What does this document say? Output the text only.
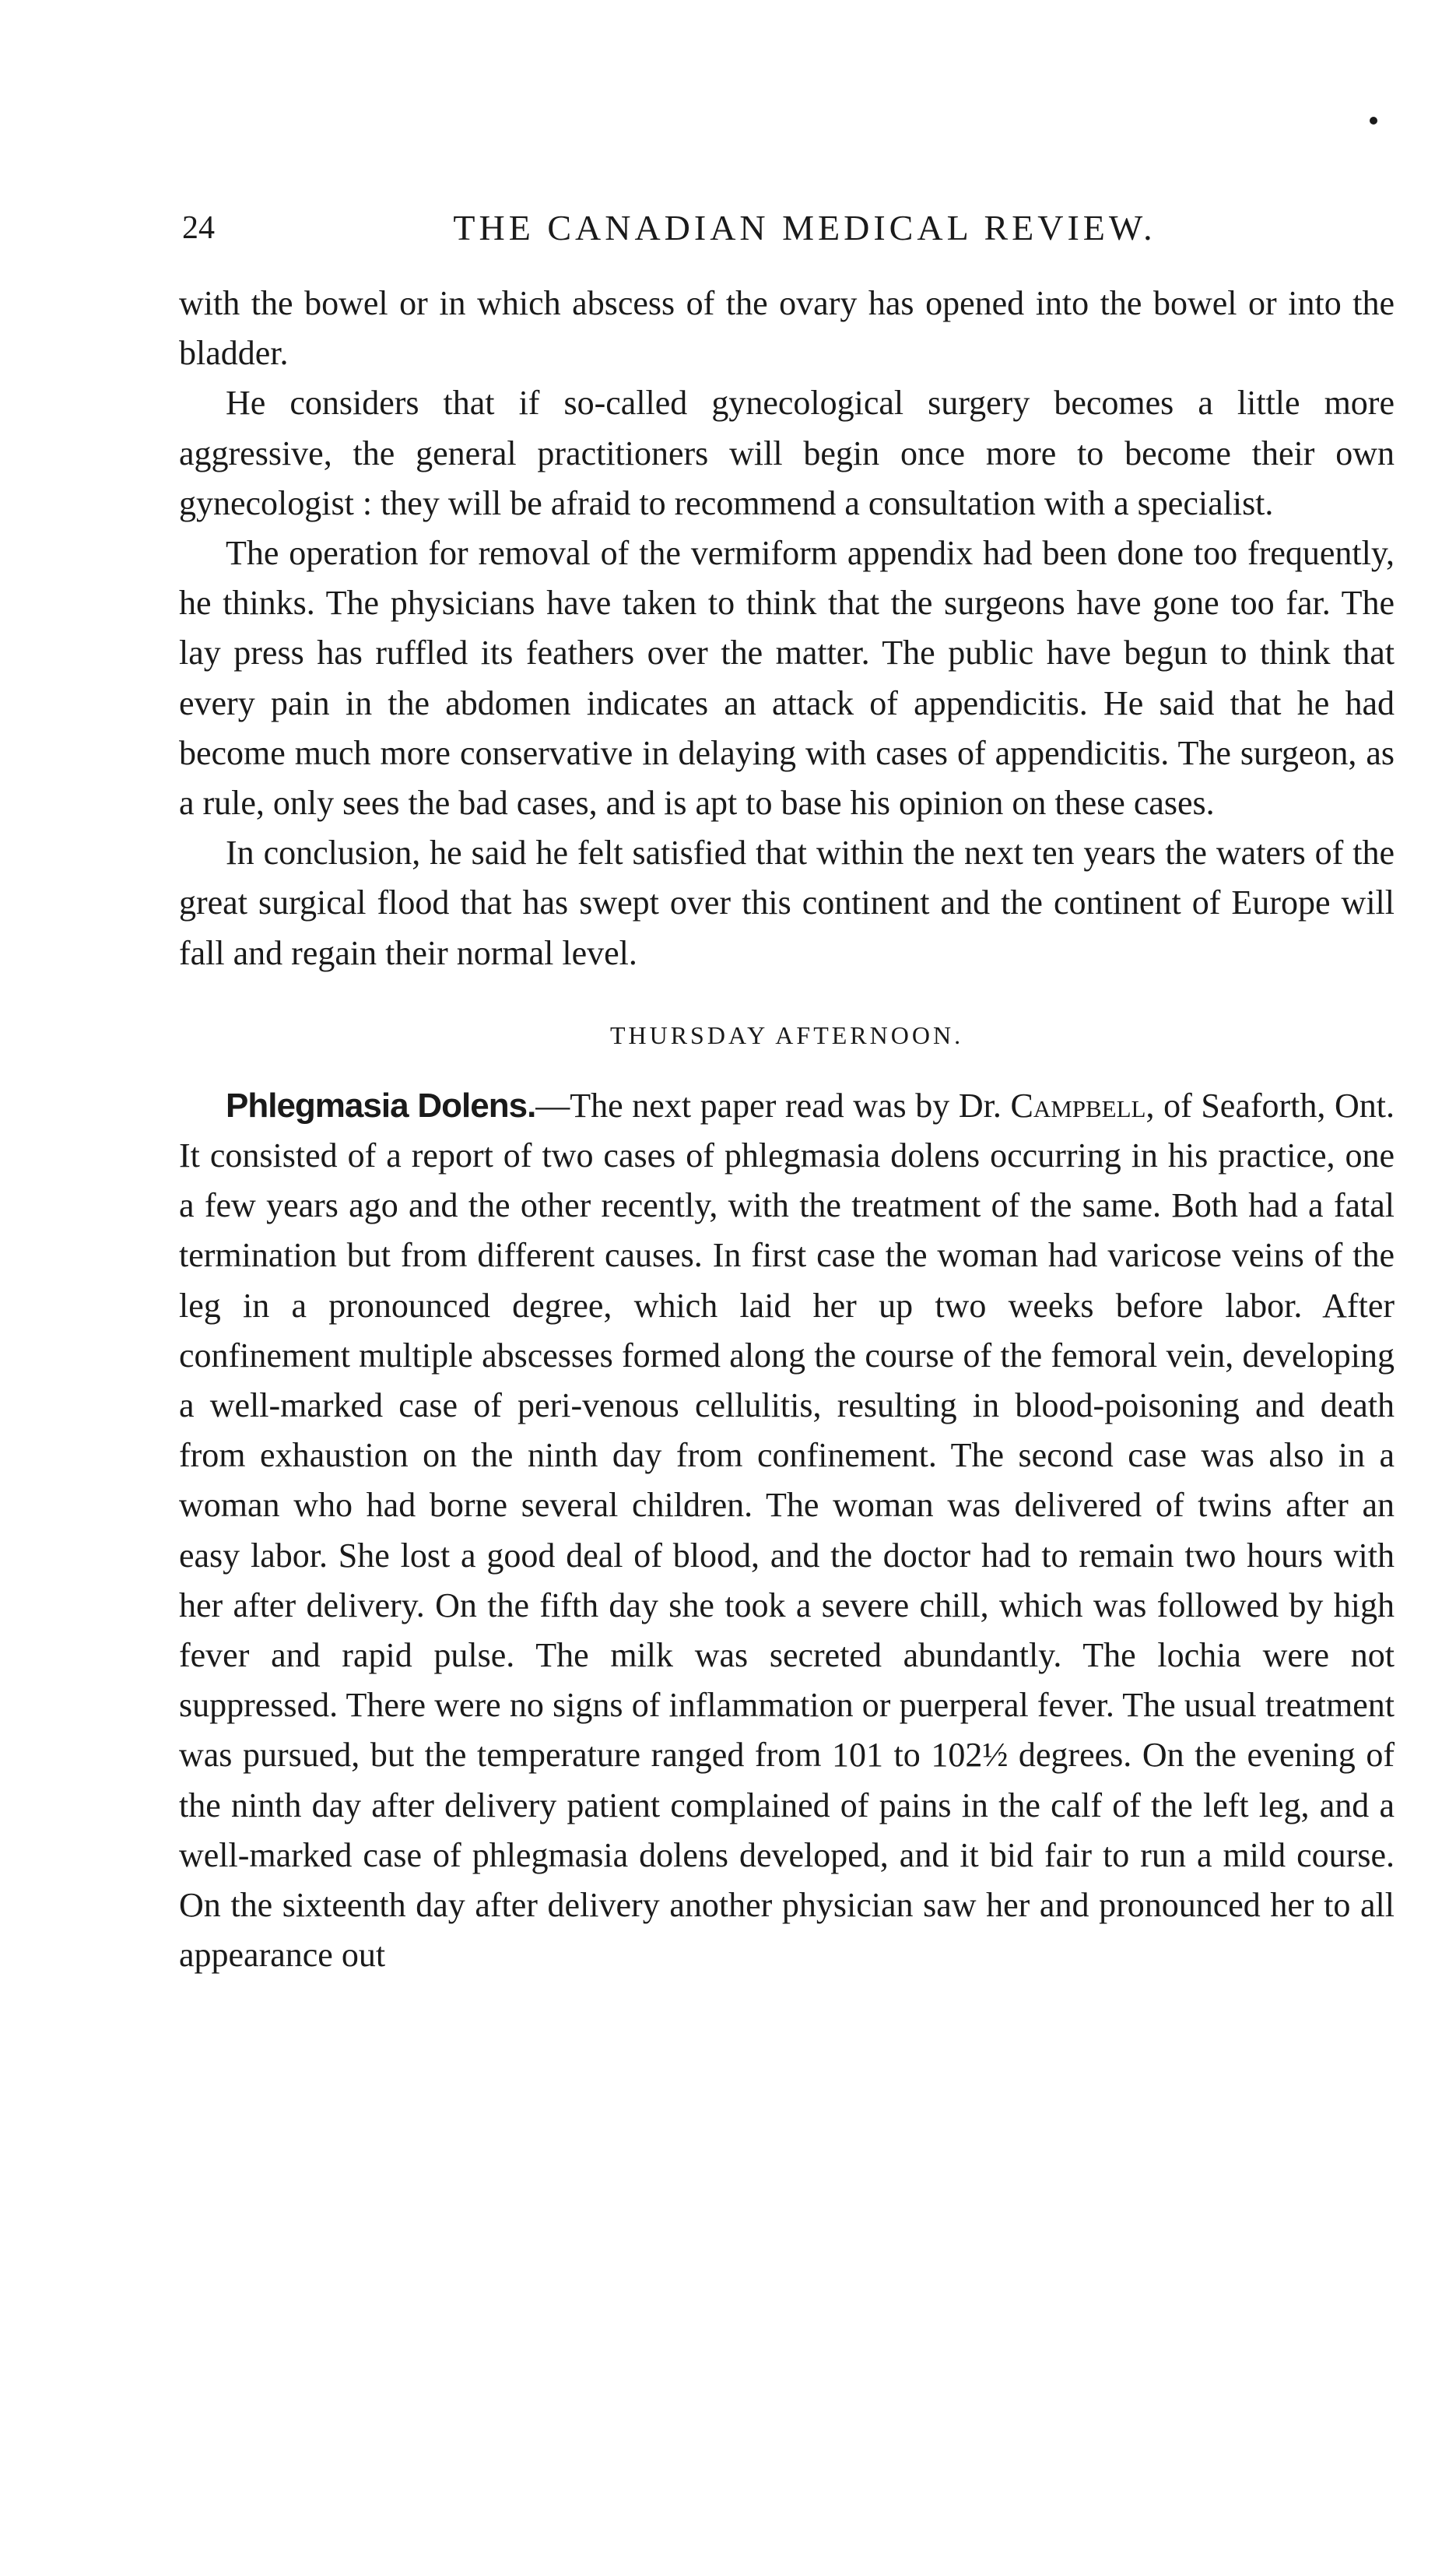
24	THE CANADIAN MEDICAL REVIEW.

with the bowel or in which abscess of the ovary has opened into the bowel or into the bladder.

He considers that if so-called gynecological surgery becomes a little more aggressive, the general practitioners will begin once more to become their own gynecologist : they will be afraid to recommend a consultation with a specialist.

The operation for removal of the vermiform appendix had been done too frequently, he thinks. The physicians have taken to think that the surgeons have gone too far. The lay press has ruffled its feathers over the matter. The public have begun to think that every pain in the abdomen indicates an attack of appendicitis. He said that he had become much more conservative in delaying with cases of appendicitis. The surgeon, as a rule, only sees the bad cases, and is apt to base his opinion on these cases.

In conclusion, he said he felt satisfied that within the next ten years the waters of the great surgical flood that has swept over this continent and the continent of Europe will fall and regain their normal level.

THURSDAY AFTERNOON.

Phlegmasia Dolens.—The next paper read was by Dr. Campbell, of Seaforth, Ont. It consisted of a report of two cases of phlegmasia dolens occurring in his practice, one a few years ago and the other recently, with the treatment of the same. Both had a fatal termination but from different causes. In first case the woman had varicose veins of the leg in a pronounced degree, which laid her up two weeks before labor. After confinement multiple abscesses formed along the course of the femoral vein, developing a well-marked case of peri-venous cellulitis, resulting in blood-poisoning and death from exhaustion on the ninth day from confinement. The second case was also in a woman who had borne several children. The woman was delivered of twins after an easy labor. She lost a good deal of blood, and the doctor had to remain two hours with her after delivery. On the fifth day she took a severe chill, which was followed by high fever and rapid pulse. The milk was secreted abundantly. The lochia were not suppressed. There were no signs of inflammation or puerperal fever. The usual treatment was pursued, but the temperature ranged from 101 to 102½ degrees. On the evening of the ninth day after delivery patient complained of pains in the calf of the left leg, and a well-marked case of phlegmasia dolens developed, and it bid fair to run a mild course. On the sixteenth day after delivery another physician saw her and pronounced her to all appearance out
